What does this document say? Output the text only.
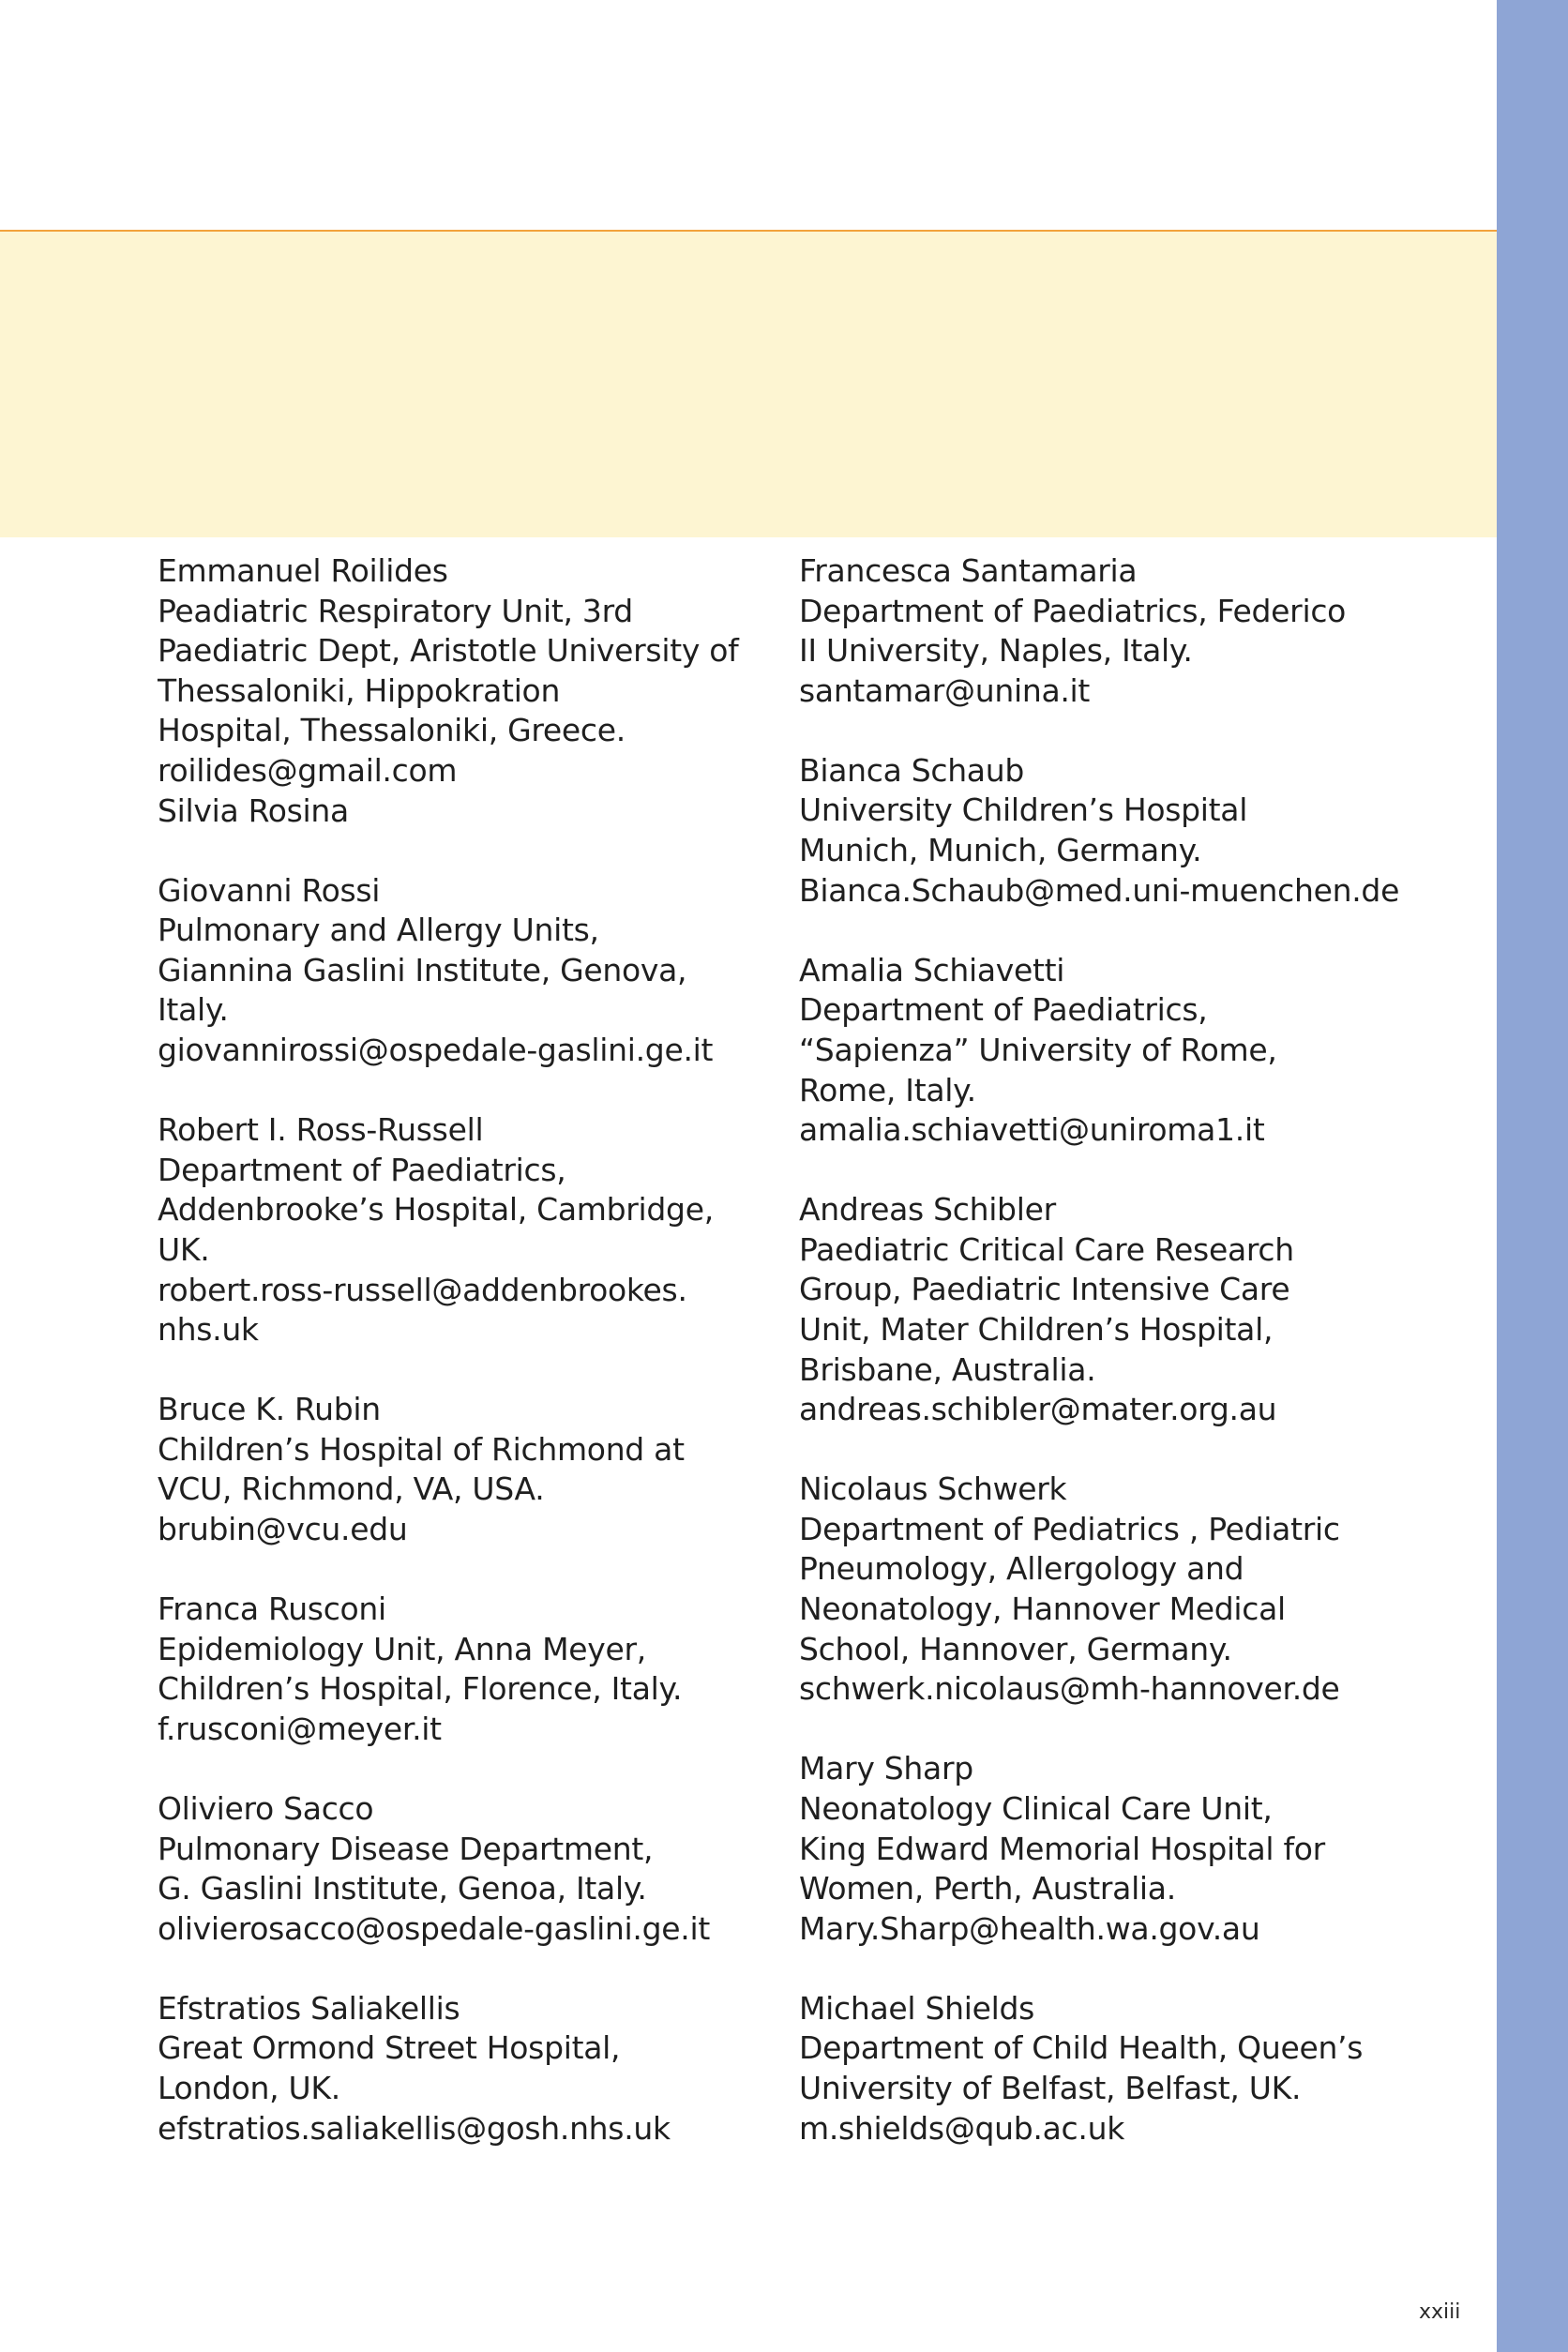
Emmanuel Roilides
Peadiatric Respiratory Unit, 3rd
Paediatric Dept, Aristotle University of
Thessaloniki, Hippokration
Hospital, Thessaloniki, Greece.
roilides@gmail.com
Silvia Rosina
Giovanni Rossi
Pulmonary and Allergy Units,
Giannina Gaslini Institute, Genova,
Italy.
giovannirossi@ospedale-gaslini.ge.it
Robert I. Ross-Russell
Department of Paediatrics,
Addenbrooke’s Hospital, Cambridge,
UK.
robert.ross-russell@addenbrookes.
nhs.uk
Bruce K. Rubin
Children’s Hospital of Richmond at
VCU, Richmond, VA, USA.
brubin@vcu.edu
Franca Rusconi
Epidemiology Unit, Anna Meyer,
Children’s Hospital, Florence, Italy.
f.rusconi@meyer.it
Oliviero Sacco
Pulmonary Disease Department,
G. Gaslini Institute, Genoa, Italy.
olivierosacco@ospedale-gaslini.ge.it
Efstratios Saliakellis
Great Ormond Street Hospital,
London, UK.
efstratios.saliakellis@gosh.nhs.uk
Francesca Santamaria
Department of Paediatrics, Federico
II University, Naples, Italy.
santamar@unina.it
Bianca Schaub
University Children’s Hospital
Munich, Munich, Germany.
Bianca.Schaub@med.uni-muenchen.de
Amalia Schiavetti
Department of Paediatrics,
“Sapienza” University of Rome,
Rome, Italy.
amalia.schiavetti@uniroma1.it
Andreas Schibler
Paediatric Critical Care Research
Group, Paediatric Intensive Care
Unit, Mater Children’s Hospital,
Brisbane, Australia.
andreas.schibler@mater.org.au
Nicolaus Schwerk
Department of Pediatrics , Pediatric
Pneumology, Allergology and
Neonatology, Hannover Medical
School, Hannover, Germany.
schwerk.nicolaus@mh-hannover.de
Mary Sharp
Neonatology Clinical Care Unit,
King Edward Memorial Hospital for
Women, Perth, Australia.
Mary.Sharp@health.wa.gov.au
Michael Shields
Department of Child Health, Queen’s
University of Belfast, Belfast, UK.
m.shields@qub.ac.uk
xxiii
